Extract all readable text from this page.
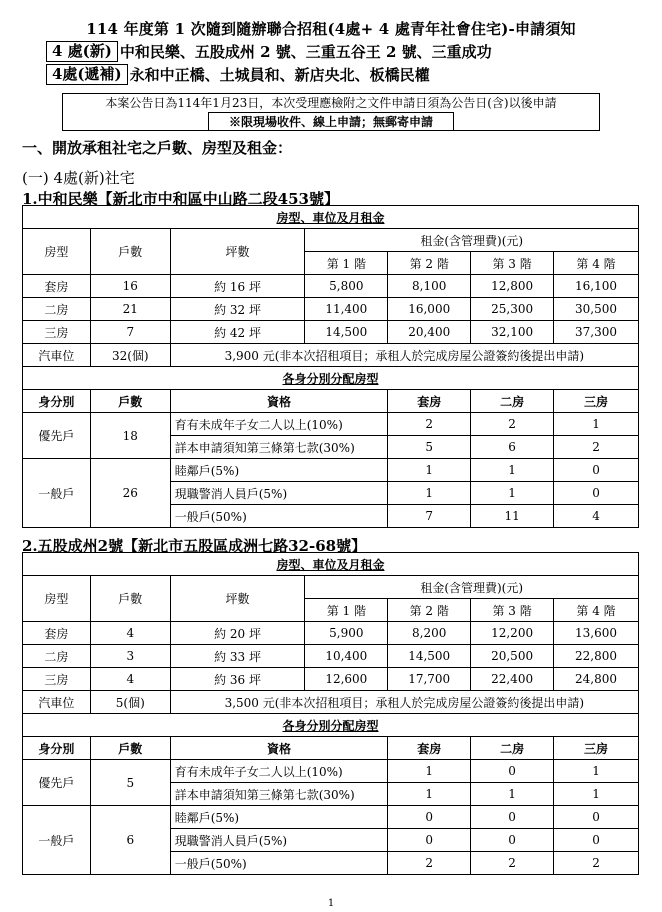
114 年度第 1 次隨到隨辦聯合招租(4處+ 4 處青年社會住宅)-申請須知
4 處(新) 中和民樂、五股成州 2 號、三重五谷王 2 號、三重成功
4處(遞補) 永和中正橋、土城員和、新店央北、板橋民權
本案公告日為114年1月23日，本次受理應檢附之文件申請日須為公告日(含)以後申請
※限現場收件、線上申請；無郵寄申請
一、開放承租社宅之戶數、房型及租金：
(一) 4處(新)社宅
1.中和民樂【新北市中和區中山路二段453號】
房型、車位及月租金						
房型	戶數	坪數	租金(含管理費)(元)			
			第 1 階	第 2 階	第 3 階	第 4 階
套房	16	約 16 坪	5,800	8,100	12,800	16,100
二房	21	約 32 坪	11,400	16,000	25,300	30,500
三房	7	約 42 坪	14,500	20,400	32,100	37,300
汽車位	32(個)	3,900 元(非本次招租項目；承租人於完成房屋公證簽約後提出申請)				
各身分別分配房型						
身分別	戶數	資格		套房	二房	三房
優先戶	18	育有未成年子女二人以上(10%)		2	2	1
		詳本申請須知第三條第七款(30%)		5	6	2
一般戶	26	睦鄰戶(5%)		1	1	0
		現職警消人員戶(5%)		1	1	0
		一般戶(50%)		7	11	4
2.五股成州2號【新北市五股區成洲七路32-68號】
房型、車位及月租金						
房型	戶數	坪數	租金(含管理費)(元)			
			第 1 階	第 2 階	第 3 階	第 4 階
套房	4	約 20 坪	5,900	8,200	12,200	13,600
二房	3	約 33 坪	10,400	14,500	20,500	22,800
三房	4	約 36 坪	12,600	17,700	22,400	24,800
汽車位	5(個)	3,500 元(非本次招租項目；承租人於完成房屋公證簽約後提出申請)				
各身分別分配房型						
身分別	戶數	資格		套房	二房	三房
優先戶	5	育有未成年子女二人以上(10%)		1	0	1
		詳本申請須知第三條第七款(30%)		1	1	1
一般戶	6	睦鄰戶(5%)		0	0	0
		現職警消人員戶(5%)		0	0	0
		一般戶(50%)		2	2	2
1
